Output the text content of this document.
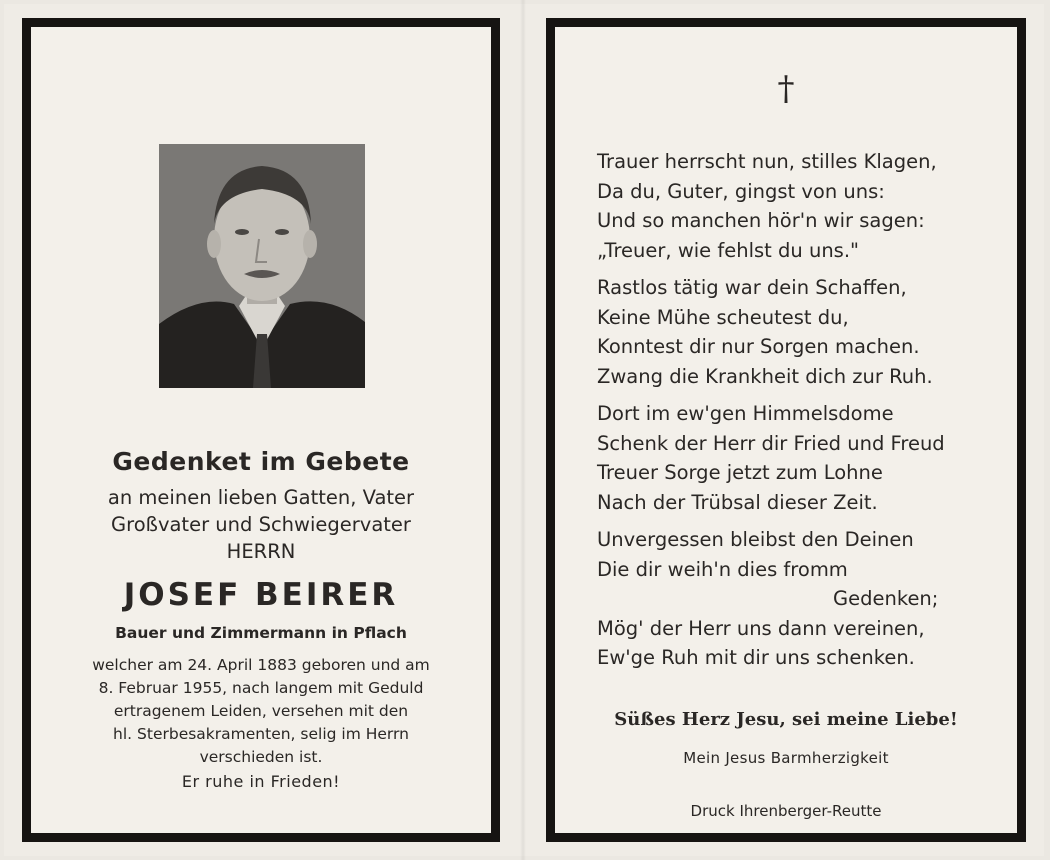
Gedenket im Gebete
an meinen lieben Gatten, Vater
Großvater und Schwiegervater
HERRN
JOSEF BEIRER
Bauer und Zimmermann in Pflach
welcher am 24. April 1883 geboren und am
8. Februar 1955, nach langem mit Geduld
ertragenem Leiden, versehen mit den
hl. Sterbesakramenten, selig im Herrn
verschieden ist.
Er ruhe in Frieden!
†
Trauer herrscht nun, stilles Klagen,
Da du, Guter, gingst von uns:
Und so manchen hör'n wir sagen:
„Treuer, wie fehlst du uns."
Rastlos tätig war dein Schaffen,
Keine Mühe scheutest du,
Konntest dir nur Sorgen machen.
Zwang die Krankheit dich zur Ruh.
Dort im ew'gen Himmelsdome
Schenk der Herr dir Fried und Freud
Treuer Sorge jetzt zum Lohne
Nach der Trübsal dieser Zeit.
Unvergessen bleibst den Deinen
Die dir weih'n dies fromm
Gedenken;
Mög' der Herr uns dann vereinen,
Ew'ge Ruh mit dir uns schenken.
Süßes Herz Jesu, sei meine Liebe!
Mein Jesus Barmherzigkeit
Druck Ihrenberger-Reutte
